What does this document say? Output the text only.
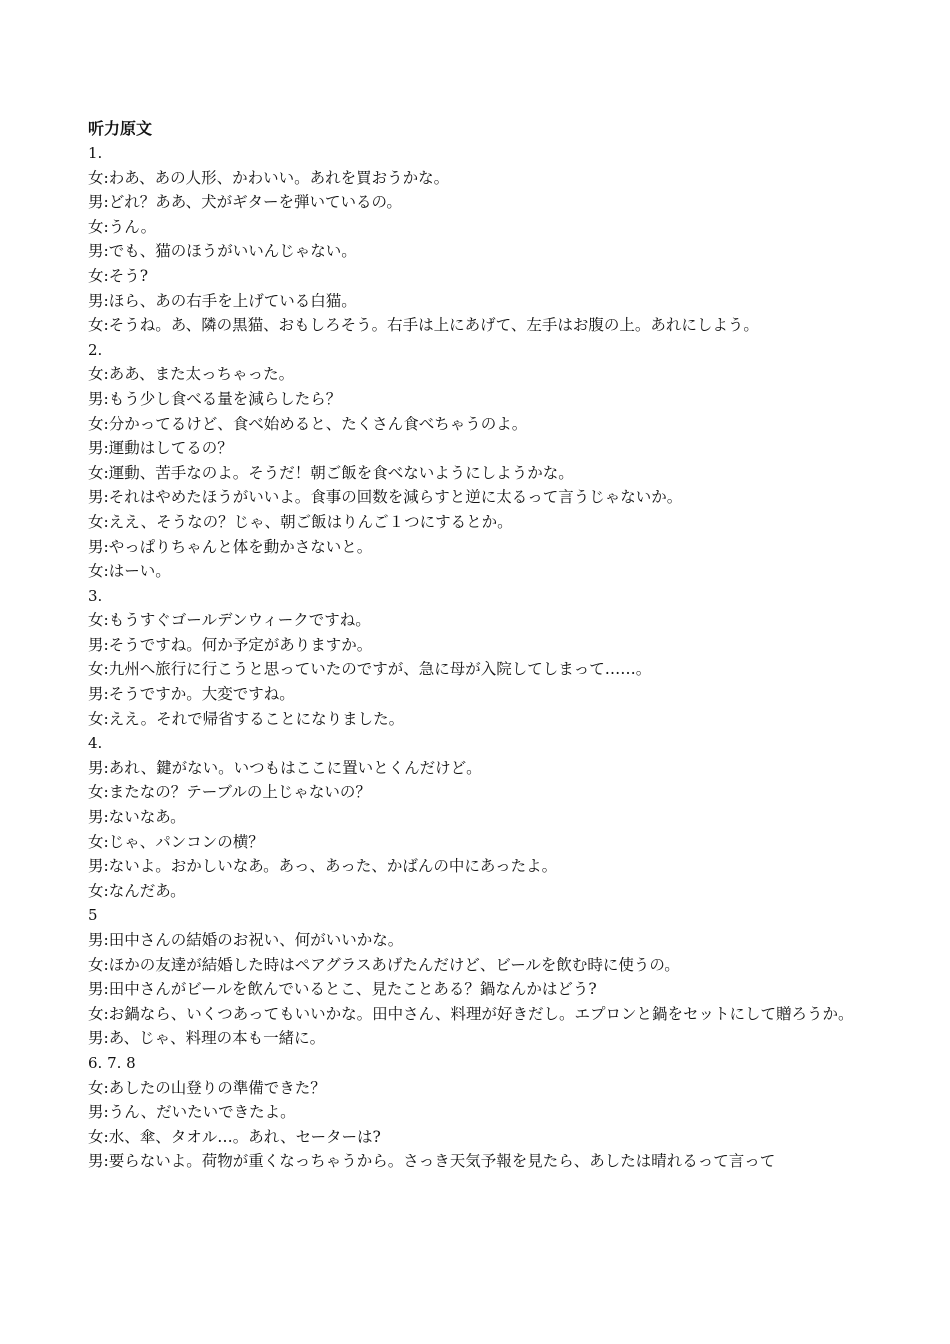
听力原文
1.
女:わあ、あの人形、かわいい。あれを買おうかな。
男:どれ？ああ、犬がギターを弾いているの。
女:うん。
男:でも、猫のほうがいいんじゃない。
女:そう?
男:ほら、あの右手を上げている白猫。
女:そうね。あ、隣の黒猫、おもしろそう。右手は上にあげて、左手はお腹の上。あれにしよう。
2.
女:ああ、また太っちゃった。
男:もう少し食べる量を減らしたら？
女:分かってるけど、食べ始めると、たくさん食べちゃうのよ。
男:運動はしてるの？
女:運動、苦手なのよ。そうだ！朝ご飯を食べないようにしようかな。
男:それはやめたほうがいいよ。食事の回数を減らすと逆に太るって言うじゃないか。
女:ええ、そうなの？じゃ、朝ご飯はりんご１つにするとか。
男:やっぱりちゃんと体を動かさないと。
女:はーい。
3.
女:もうすぐゴールデンウィークですね。
男:そうですね。何か予定がありますか。
女:九州へ旅行に行こうと思っていたのですが、急に母が入院してしまって……。
男:そうですか。大変ですね。
女:ええ。それで帰省することになりました。
4.
男:あれ、鍵がない。いつもはここに置いとくんだけど。
女:またなの？テーブルの上じゃないの？
男:ないなあ。
女:じゃ、パンコンの横？
男:ないよ。おかしいなあ。あっ、あった、かばんの中にあったよ。
女:なんだあ。
5
男:田中さんの結婚のお祝い、何がいいかな。
女:ほかの友達が結婚した時はペアグラスあげたんだけど、ビールを飲む時に使うの。
男:田中さんがビールを飲んでいるとこ、見たことある？鍋なんかはどう?
女:お鍋なら、いくつあってもいいかな。田中さん、料理が好きだし。エプロンと鍋をセットにして贈ろうか。
男:あ、じゃ、料理の本も一緒に。
6. 7. 8
女:あしたの山登りの準備できた？
男:うん、だいたいできたよ。
女:水、傘、タオル…。あれ、セーターは?
男:要らないよ。荷物が重くなっちゃうから。さっき天気予報を見たら、あしたは晴れるって言って
